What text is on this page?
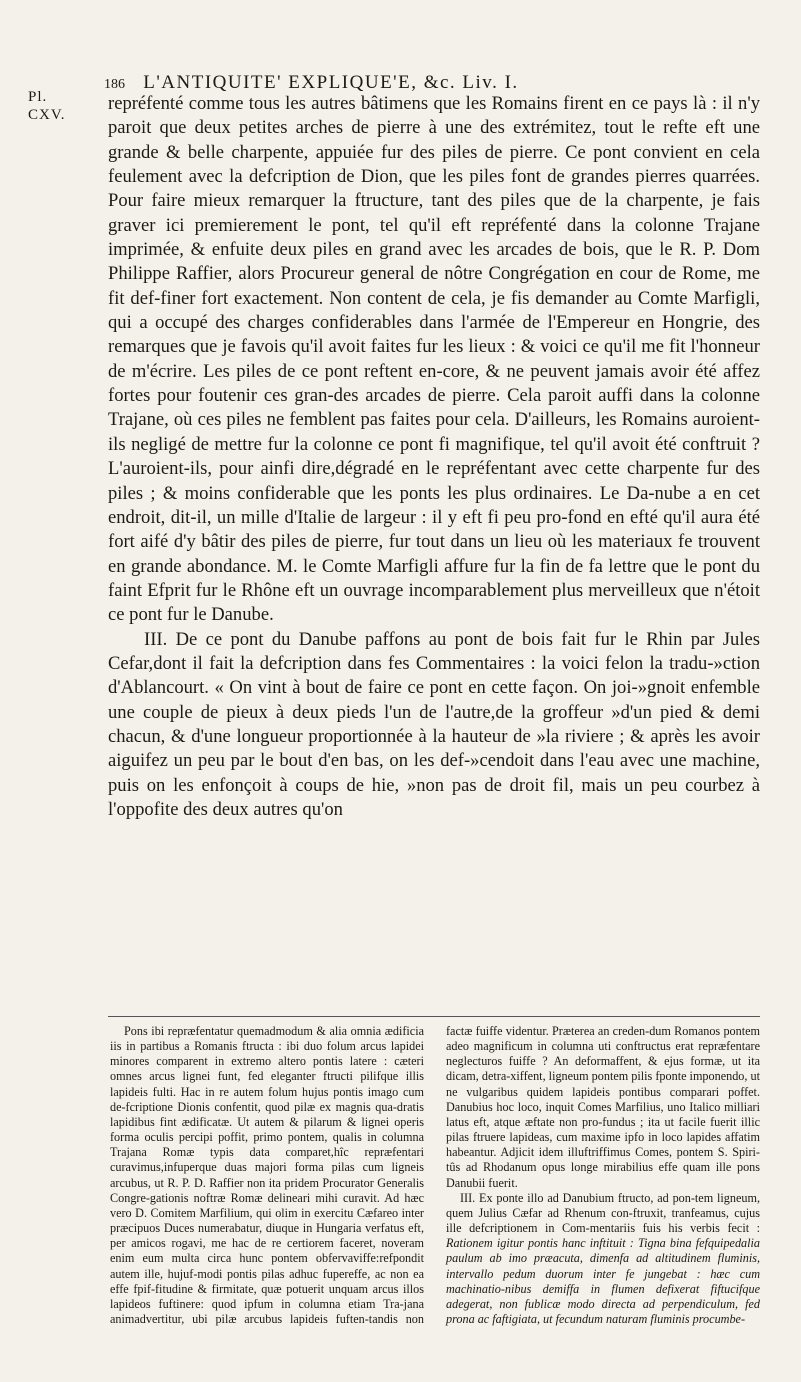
186 L'ANTIQUITE' EXPLIQUE'E, &c. Liv. I.
Pl.
CXV.

repréfenté comme tous les autres bâtimens que les Romains firent en ce pays là : il n'y paroit que deux petites arches de pierre à une des extrémitez, tout le refte eft une grande & belle charpente, appuiée fur des piles de pierre. Ce pont convient en cela feulement avec la defcription de Dion, que les piles font de grandes pierres quarrées. Pour faire mieux remarquer la ftructure, tant des piles que de la charpente, je fais graver ici premierement le pont, tel qu'il eft repréfenté dans la colonne Trajane imprimée, & enfuite deux piles en grand avec les arcades de bois, que le R. P. Dom Philippe Raffier, alors Procureur general de nôtre Congrégation en cour de Rome, me fit def-finer fort exactement. Non content de cela, je fis demander au Comte Marfigli, qui a occupé des charges confiderables dans l'armée de l'Empereur en Hongrie, des remarques que je favois qu'il avoit faites fur les lieux : & voici ce qu'il me fit l'honneur de m'écrire. Les piles de ce pont reftent en-core, & ne peuvent jamais avoir été affez fortes pour foutenir ces gran-des arcades de pierre. Cela paroit auffi dans la colonne Trajane, où ces piles ne femblent pas faites pour cela. D'ailleurs, les Romains auroient-ils negligé de mettre fur la colonne ce pont fi magnifique, tel qu'il avoit été conftruit ? L'auroient-ils, pour ainfi dire,dégradé en le repréfentant avec cette charpente fur des piles ; & moins confiderable que les ponts les plus ordinaires. Le Da-nube a en cet endroit, dit-il, un mille d'Italie de largeur : il y eft fi peu pro-fond en efté qu'il aura été fort aifé d'y bâtir des piles de pierre, fur tout dans un lieu où les materiaux fe trouvent en grande abondance. M. le Comte Marfigli affure fur la fin de fa lettre que le pont du faint Efprit fur le Rhône eft un ouvrage incomparablement plus merveilleux que n'étoit ce pont fur le Danube.

III. De ce pont du Danube paffons au pont de bois fait fur le Rhin par Jules Cefar,dont il fait la defcription dans fes Commentaires : la voici felon la tradu-»ction d'Ablancourt. « On vint à bout de faire ce pont en cette façon. On joi-»gnoit enfemble une couple de pieux à deux pieds l'un de l'autre,de la groffeur »d'un pied & demi chacun, & d'une longueur proportionnée à la hauteur de »la riviere ; & après les avoir aiguifez un peu par le bout d'en bas, on les def-»cendoit dans l'eau avec une machine, puis on les enfonçoit à coups de hie, »non pas de droit fil, mais un peu courbez à l'oppofite des deux autres qu'on

Pons ibi repræfentatur quemadmodum & alia omnia ædificia iis in partibus a Romanis ftructa : ibi duo folum arcus lapidei minores comparent in extremo altero pontis latere : cæteri omnes arcus lignei funt, fed eleganter ftructi pilifque illis lapideis fulti. Hac in re autem folum hujus pontis imago cum de-fcriptione Dionis confentit, quod pilæ ex magnis qua-dratis lapidibus fint ædificatæ. Ut autem & pilarum & lignei operis forma oculis percipi poffit, primo pontem, qualis in columna Trajana Romæ typis data comparet,hîc repræfentari curavimus,infuperque duas majori forma pilas cum ligneis arcubus, ut R. P. D. Raffier non ita pridem Procurator Generalis Congre-gationis noftræ Romæ delineari mihi curavit. Ad hæc vero D. Comitem Marfilium, qui olim in exercitu Cæfareo inter præcipuos Duces numerabatur, diuque in Hungaria verfatus eft, per amicos rogavi, me hac de re certiorem faceret, noveram enim eum multa circa hunc pontem obfervaviffe:refpondit autem ille, hujuf-modi pontis pilas adhuc fupereffe, ac non ea effe fpif-fitudine & firmitate, quæ potuerit unquam arcus illos lapideos fuftinere: quod ipfum in columna etiam Tra-jana animadvertitur, ubi pilæ arcubus lapideis fuften-tandis non factæ fuiffe videntur. Præterea an creden-dum Romanos pontem adeo magnificum in columna uti conftructus erat repræfentare neglecturos fuiffe ? An deformaffent, & ejus formæ, ut ita dicam, detra-xiffent, ligneum pontem pilis fponte imponendo, ut ne vulgaribus quidem lapideis pontibus comparari poffet. Danubius hoc loco, inquit Comes Marfilius, uno Italico milliari latus eft, atque æftate non pro-fundus ; ita ut facile fuerit illic pilas ftruere lapideas, cum maxime ipfo in loco lapides affatim habeantur. Adjicit idem illuftriffimus Comes, pontem S. Spiri-tûs ad Rhodanum opus longe mirabilius effe quam ille pons Danubii fuerit.

III. Ex ponte illo ad Danubium ftructo, ad pon-tem ligneum, quem Julius Cæfar ad Rhenum con-ftruxit, tranfeamus, cujus ille defcriptionem in Com-mentariis fuis his verbis fecit : Rationem igitur pontis hanc inftituit : Tigna bina fefquipedalia paulum ab imo præacuta, dimenfa ad altitudinem fluminis, intervallo pedum duorum inter fe jungebat : hæc cum machinatio-nibus demiffa in flumen defixerat fiftucifque adegerat, non fublicæ modo directa ad perpendiculum, fed prona ac faftigiata, ut fecundum naturam fluminis procumbe-
